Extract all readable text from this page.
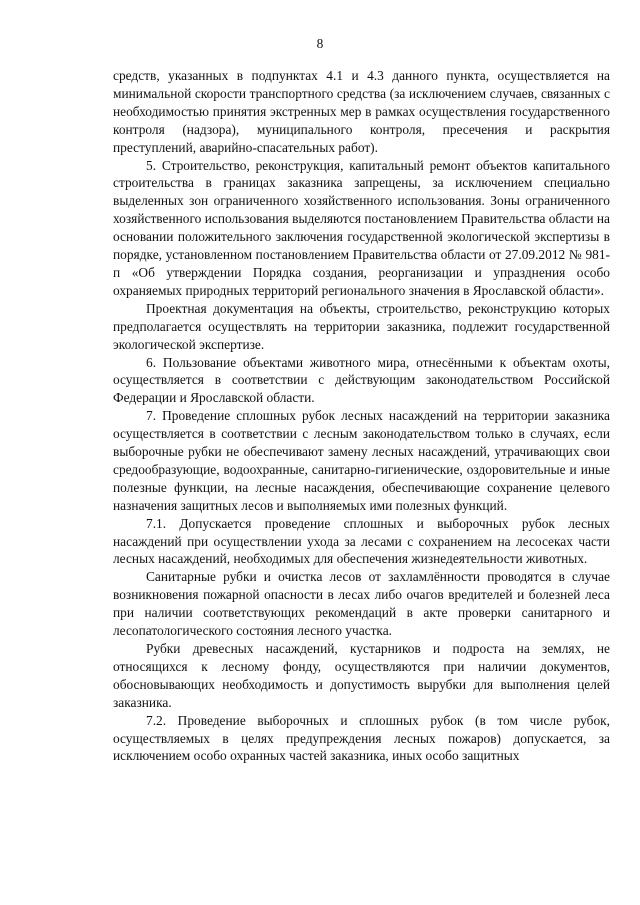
8

средств, указанных в подпунктах 4.1 и 4.3 данного пункта, осуществляется на минимальной скорости транспортного средства (за исключением случаев, связанных с необходимостью принятия экстренных мер в рамках осуществления государственного контроля (надзора), муниципального контроля, пресечения и раскрытия преступлений, аварийно-спасательных работ).

5. Строительство, реконструкция, капитальный ремонт объектов капитального строительства в границах заказника запрещены, за исключением специально выделенных зон ограниченного хозяйственного использования. Зоны ограниченного хозяйственного использования выделяются постановлением Правительства области на основании положительного заключения государственной экологической экспертизы в порядке, установленном постановлением Правительства области от 27.09.2012 № 981-п «Об утверждении Порядка создания, реорганизации и упразднения особо охраняемых природных территорий регионального значения в Ярославской области».

Проектная документация на объекты, строительство, реконструкцию которых предполагается осуществлять на территории заказника, подлежит государственной экологической экспертизе.

6. Пользование объектами животного мира, отнесёнными к объектам охоты, осуществляется в соответствии с действующим законодательством Российской Федерации и Ярославской области.

7. Проведение сплошных рубок лесных насаждений на территории заказника осуществляется в соответствии с лесным законодательством только в случаях, если выборочные рубки не обеспечивают замену лесных насаждений, утрачивающих свои средообразующие, водоохранные, санитарно-гигиенические, оздоровительные и иные полезные функции, на лесные насаждения, обеспечивающие сохранение целевого назначения защитных лесов и выполняемых ими полезных функций.

7.1. Допускается проведение сплошных и выборочных рубок лесных насаждений при осуществлении ухода за лесами с сохранением на лесосеках части лесных насаждений, необходимых для обеспечения жизнедеятельности животных.

Санитарные рубки и очистка лесов от захламлённости проводятся в случае возникновения пожарной опасности в лесах либо очагов вредителей и болезней леса при наличии соответствующих рекомендаций в акте проверки санитарного и лесопатологического состояния лесного участка.

Рубки древесных насаждений, кустарников и подроста на землях, не относящихся к лесному фонду, осуществляются при наличии документов, обосновывающих необходимость и допустимость вырубки для выполнения целей заказника.

7.2. Проведение выборочных и сплошных рубок (в том числе рубок, осуществляемых в целях предупреждения лесных пожаров) допускается, за исключением особо охранных частей заказника, иных особо защитных
